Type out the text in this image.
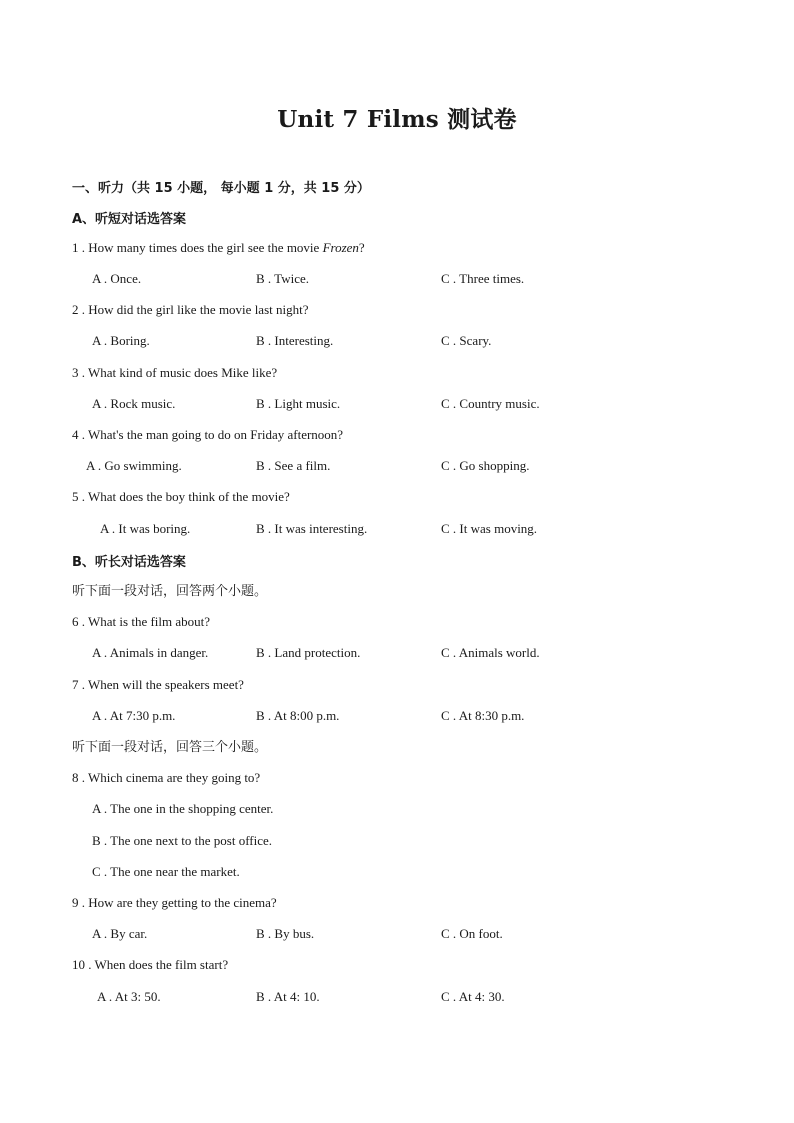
Unit 7 Films 测试卷
一、听力（共 15 小题， 每小题 1 分，共 15 分）
A、听短对话选答案
1 . How many times does the girl see the movie Frozen?
A . Once.	B . Twice.	C . Three times.
2 . How did the girl like the movie last night?
A . Boring.	B . Interesting.	C . Scary.
3 . What kind of music does Mike like?
A . Rock music.	B . Light music.	C . Country music.
4 . What's the man going to do on Friday afternoon?
A . Go swimming.	B . See a film.	C . Go shopping.
5 . What does the boy think of the movie?
A . It was boring.	B . It was interesting.	C . It was moving.
B、听长对话选答案
听下面一段对话，回答两个小题。
6 . What is the film about?
A . Animals in danger.	B . Land protection.	C . Animals world.
7 . When will the speakers meet?
A . At 7:30 p.m.	B . At 8:00 p.m.	C . At 8:30 p.m.
听下面一段对话，回答三个小题。
8 . Which cinema are they going to?
A . The one in the shopping center.
B . The one next to the post office.
C . The one near the market.
9 . How are they getting to the cinema?
A . By car.	B . By bus.	C . On foot.
10 . When does the film start?
A . At 3: 50.	B . At 4: 10.	C . At 4: 30.
